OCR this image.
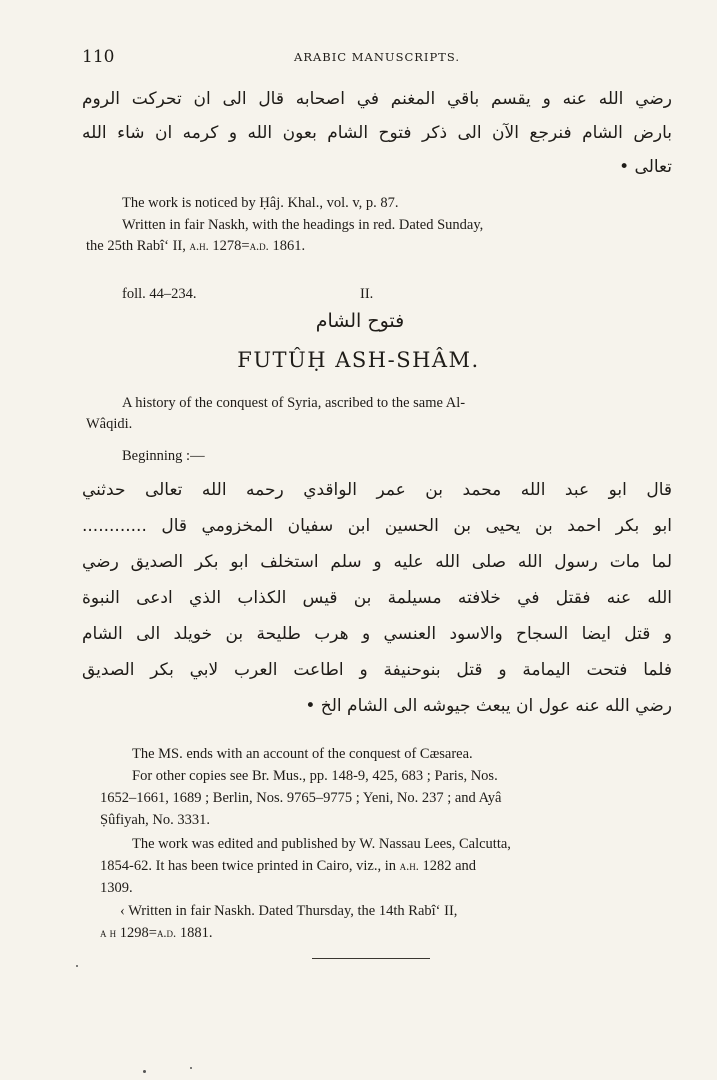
110	ARABIC MANUSCRIPTS.
رضي الله عنه و يقسم باقي المغنم في اصحابه قال الى ان تحركت الروم
بارض الشام فنرجع الآن الى ذكر فتوح الشام بعون الله و كرمه ان شاء الله
تعالى •
The work is noticed by Ḥâj. Khal., vol. v, p. 87.
Written in fair Naskh, with the headings in red. Dated Sunday,
the 25th Rabî‘ II, a.h. 1278=a.d. 1861.
foll. 44–234.	II.
فتوح الشام
FUTÛḤ ASH-SHÂM.
A history of the conquest of Syria, ascribed to the same Al-
Wâqidi.
Beginning :—
قال ابو عبد الله محمد بن عمر الواقدي رحمه الله تعالى حدثني
ابو بكر احمد بن يحيى بن الحسين ابن سفيان المخزومي قال ............
لما مات رسول الله صلى الله عليه و سلم استخلف ابو بكر الصديق رضي
الله عنه فقتل في خلافته مسيلمة بن قيس الكذاب الذي ادعى النبوة
و قتل ايضا السجاح والاسود العنسي و هرب طليحة بن خويلد الى الشام
فلما فتحت اليمامة و قتل بنوحنيفة و اطاعت العرب لابي بكر الصديق
رضي الله عنه عول ان يبعث جيوشه الى الشام الخ •
The MS. ends with an account of the conquest of Cæsarea.
For other copies see Br. Mus., pp. 148-9, 425, 683 ; Paris, Nos.
1652–1661, 1689 ; Berlin, Nos. 9765–9775 ; Yeni, No. 237 ; and Ayâ
Ṣûfiyah, No. 3331.
The work was edited and published by W. Nassau Lees, Calcutta,
1854-62. It has been twice printed in Cairo, viz., in a.h. 1282 and
1309.
‹ Written in fair Naskh. Dated Thursday, the 14th Rabî‘ II,
a h 1298=a.d. 1881.
